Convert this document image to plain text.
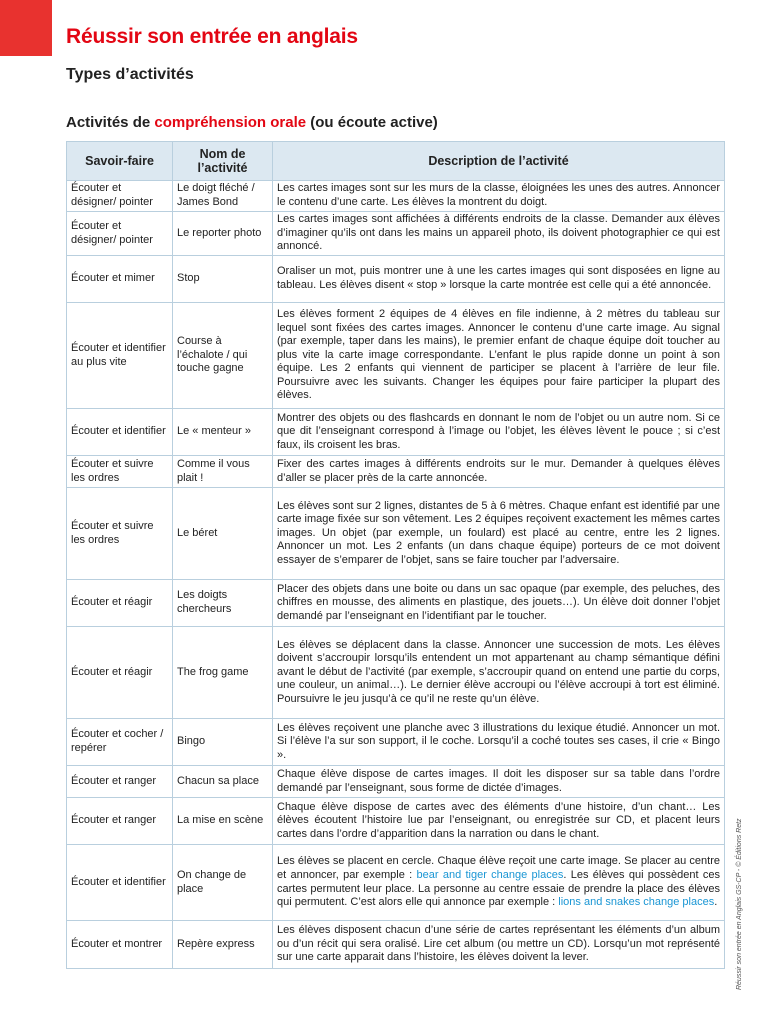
Réussir son entrée en anglais
Types d’activités
Activités de compréhension orale (ou écoute active)
Savoir-faire	Nom de l’activité	Description de l’activité
Écouter et désigner/ pointer	Le doigt fléché / James Bond	Les cartes images sont sur les murs de la classe, éloignées les unes des autres. Annoncer le contenu d’une carte. Les élèves la montrent du doigt.
Écouter et désigner/ pointer	Le reporter photo	Les cartes images sont affichées à différents endroits de la classe. Demander aux élèves d’imaginer qu’ils ont dans les mains un appareil photo, ils doivent photographier ce qui est annoncé.
Écouter et mimer	Stop	Oraliser un mot, puis montrer une à une les cartes images qui sont disposées en ligne au tableau. Les élèves disent « stop » lorsque la carte montrée est celle qui a été annoncée.
Écouter et identifier au plus vite	Course à l’échalote / qui touche gagne	Les élèves forment 2 équipes de 4 élèves en file indienne, à 2 mètres du tableau sur lequel sont fixées des cartes images. Annoncer le contenu d’une carte image. Au signal (par exemple, taper dans les mains), le premier enfant de chaque équipe doit toucher au plus vite la carte image correspondante. L’enfant le plus rapide donne un point à son équipe. Les 2 enfants qui viennent de participer se placent à l’arrière de leur file. Poursuivre avec les suivants. Changer les équipes pour faire participer la plupart des élèves.
Écouter et identifier	Le « menteur »	Montrer des objets ou des flashcards en donnant le nom de l’objet ou un autre nom. Si ce que dit l’enseignant correspond à l’image ou l’objet, les élèves lèvent le pouce ; si c’est faux, ils croisent les bras.
Écouter et suivre les ordres	Comme il vous plait !	Fixer des cartes images à différents endroits sur le mur. Demander à quelques élèves d’aller se placer près de la carte annoncée.
Écouter et suivre les ordres	Le béret	Les élèves sont sur 2 lignes, distantes de 5 à 6 mètres. Chaque enfant est identifié par une carte image fixée sur son vêtement. Les 2 équipes reçoivent exactement les mêmes cartes images. Un objet (par exemple, un foulard) est placé au centre, entre les 2 lignes. Annoncer un mot. Les 2 enfants (un dans chaque équipe) porteurs de ce mot doivent essayer de s’emparer de l’objet, sans se faire toucher par l’adversaire.
Écouter et réagir	Les doigts chercheurs	Placer des objets dans une boite ou dans un sac opaque (par exemple, des peluches, des chiffres en mousse, des aliments en plastique, des jouets…). Un élève doit donner l’objet demandé par l’enseignant en l’identifiant par le toucher.
Écouter et réagir	The frog game	Les élèves se déplacent dans la classe. Annoncer une succession de mots. Les élèves doivent s’accroupir lorsqu’ils entendent un mot appartenant au champ sémantique défini avant le début de l’activité (par exemple, s’accroupir quand on entend une partie du corps, une couleur, un animal…). Le dernier élève accroupi ou l’élève accroupi à tort est éliminé. Poursuivre le jeu jusqu’à ce qu’il ne reste qu’un élève.
Écouter et cocher / repérer	Bingo	Les élèves reçoivent une planche avec 3 illustrations du lexique étudié. Annoncer un mot. Si l’élève l’a sur son support, il le coche. Lorsqu’il a coché toutes ses cases, il crie « Bingo ».
Écouter et ranger	Chacun sa place	Chaque élève dispose de cartes images. Il doit les disposer sur sa table dans l’ordre demandé par l’enseignant, sous forme de dictée d’images.
Écouter et ranger	La mise en scène	Chaque élève dispose de cartes avec des éléments d’une histoire, d’un chant… Les élèves écoutent l’histoire lue par l’enseignant, ou enregistrée sur CD, et placent leurs cartes dans l’ordre d’apparition dans la narration ou dans le chant.
Écouter et identifier	On change de place	Les élèves se placent en cercle. Chaque élève reçoit une carte image. Se placer au centre et annoncer, par exemple : bear and tiger change places. Les élèves qui possèdent ces cartes permutent leur place. La personne au centre essaie de prendre la place des élèves qui permutent. C’est alors elle qui annonce par exemple : lions and snakes change places.
Écouter et montrer	Repère express	Les élèves disposent chacun d’une série de cartes représentant les éléments d’un album ou d’un récit qui sera oralisé. Lire cet album (ou mettre un CD). Lorsqu’un mot représenté sur une carte apparait dans l’histoire, les élèves doivent la lever.	Réussir son entrée en Anglais GS-CP - © Éditions Retz
